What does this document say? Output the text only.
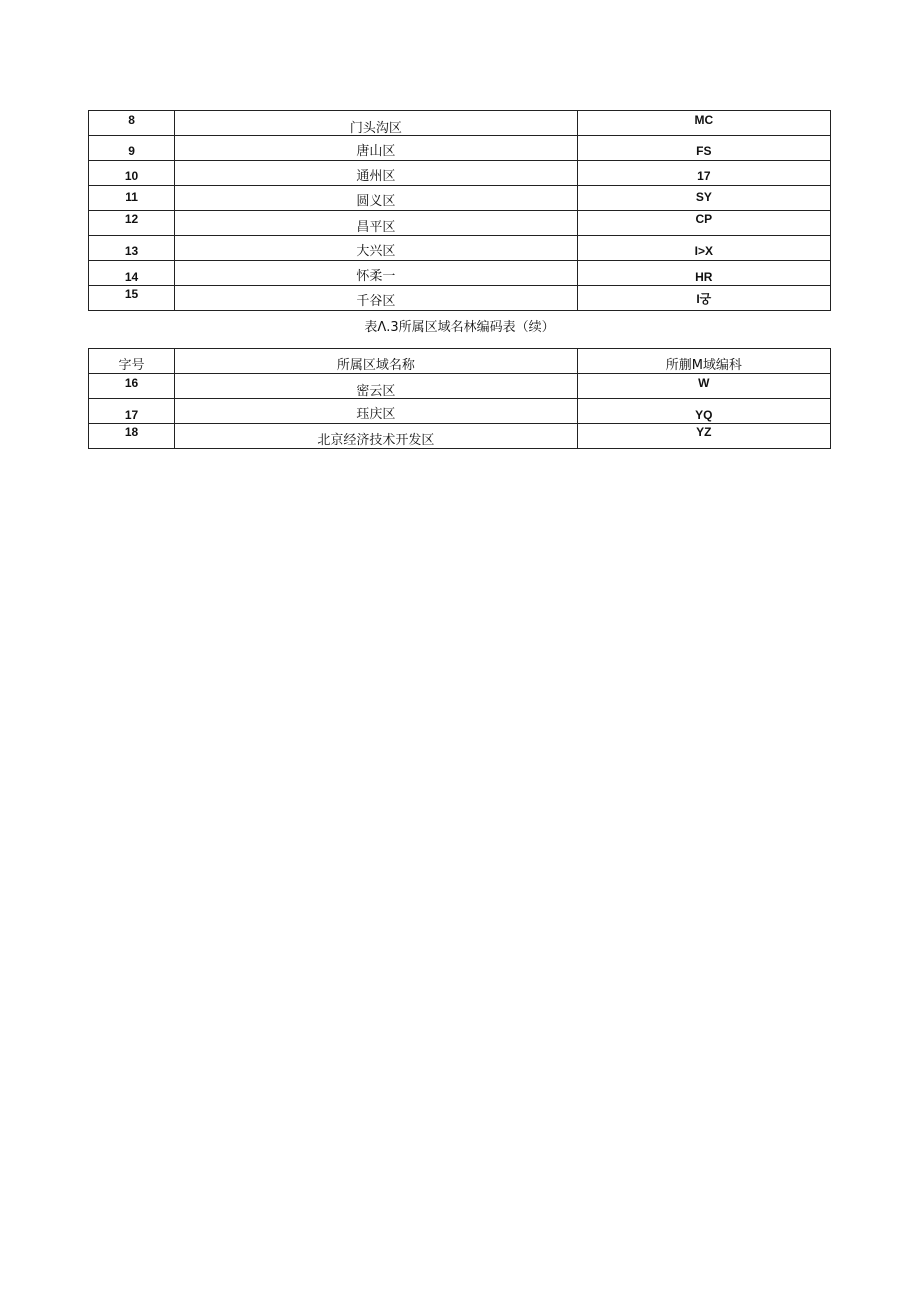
8	门头沟区	MC

9	唐山区	FS

10	通州区	17

11	圆义区	SY

12	昌平区	CP

13	大兴区	I>X

14	怀柔一	HR

15	千谷区	I궁
表Λ.3所属区域名林编码表（续）
字号	所属区域名称	所蒯M域编科

16	密云区	W

17	珏庆区	YQ

18	北京经济技术开发区	YZ
